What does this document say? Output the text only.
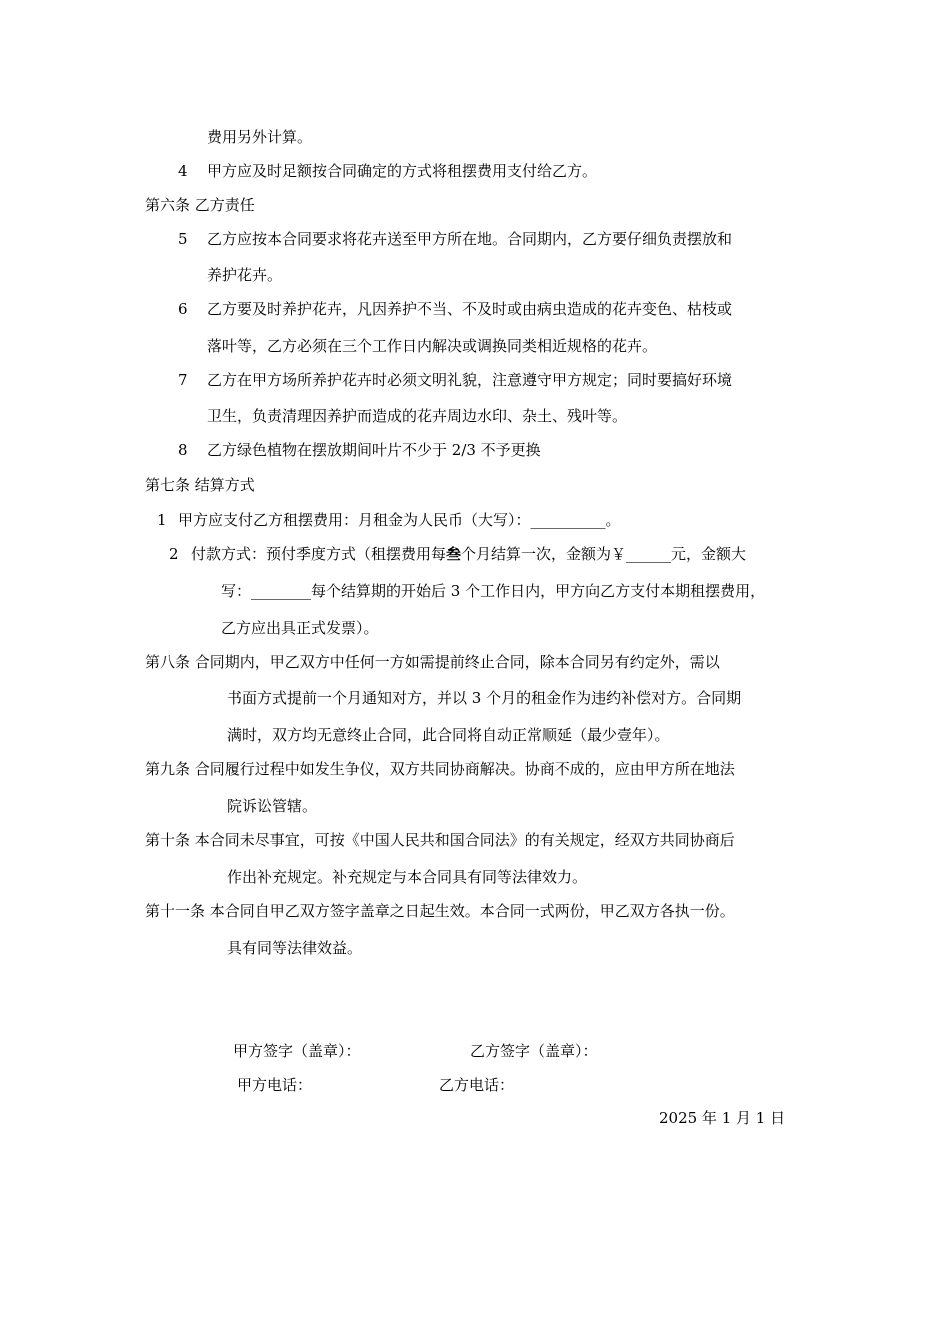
费用另外计算。
4 甲方应及时足额按合同确定的方式将租摆费用支付给乙方。
第六条 乙方责任
5 乙方应按本合同要求将花卉送至甲方所在地。合同期内，乙方要仔细负责摆放和
养护花卉。
6 乙方要及时养护花卉，凡因养护不当、不及时或由病虫造成的花卉变色、枯枝或
落叶等，乙方必须在三个工作日内解决或调换同类相近规格的花卉。
7 乙方在甲方场所养护花卉时必须文明礼貌，注意遵守甲方规定；同时要搞好环境
卫生，负责清理因养护而造成的花卉周边水印、杂土、残叶等。
8 乙方绿色植物在摆放期间叶片不少于 2/3 不予更换
第七条 结算方式
1 甲方应支付乙方租摆费用：月租金为人民币（大写）：__________。
2 付款方式：预付季度方式（租摆费用每叁个月结算一次，金额为￥______元，金额大
写：________每个结算期的开始后 3 个工作日内，甲方向乙方支付本期租摆费用，
乙方应出具正式发票）。
第八条 合同期内，甲乙双方中任何一方如需提前终止合同，除本合同另有约定外，需以
书面方式提前一个月通知对方，并以 3 个月的租金作为违约补偿对方。合同期
满时，双方均无意终止合同，此合同将自动正常顺延（最少壹年）。
第九条 合同履行过程中如发生争仪，双方共同协商解决。协商不成的，应由甲方所在地法
院诉讼管辖。
第十条 本合同未尽事宜，可按《中国人民共和国合同法》的有关规定，经双方共同协商后
作出补充规定。补充规定与本合同具有同等法律效力。
第十一条 本合同自甲乙双方签字盖章之日起生效。本合同一式两份，甲乙双方各执一份。
具有同等法律效益。
甲方签字（盖章）：	乙方签字（盖章）：
甲方电话：	乙方电话：
2025 年 1 月 1 日
